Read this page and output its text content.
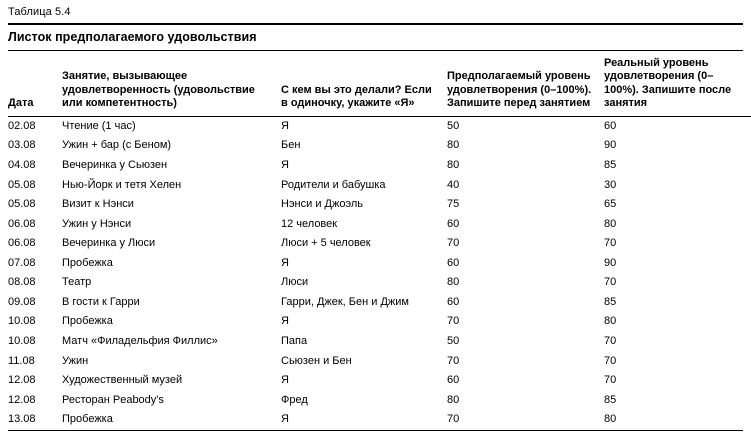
Таблица 5.4
Листок предполагаемого удовольствия
Дата	Занятие, вызывающее удовлетворенность (удовольствие или компетентность)	С кем вы это делали? Если в одиночку, укажите «Я»	Предполагаемый уровень удовлетворения (0–100%). Запишите перед занятием	Реальный уровень удовлетворения (0–100%). Запишите после занятия
02.08	Чтение (1 час)	Я	50	60
03.08	Ужин + бар (с Беном)	Бен	80	90
04.08	Вечеринка у Сьюзен	Я	80	85
05.08	Нью-Йорк и тетя Хелен	Родители и бабушка	40	30
05.08	Визит к Нэнси	Нэнси и Джоэль	75	65
06.08	Ужин у Нэнси	12 человек	60	80
06.08	Вечеринка у Люси	Люси + 5 человек	70	70
07.08	Пробежка	Я	60	90
08.08	Театр	Люси	80	70
09.08	В гости к Гарри	Гарри, Джек, Бен и Джим	60	85
10.08	Пробежка	Я	70	80
10.08	Матч «Филадельфия Филлис»	Папа	50	70
11.08	Ужин	Сьюзен и Бен	70	70
12.08	Художественный музей	Я	60	70
12.08	Ресторан Peabody's	Фред	80	85
13.08	Пробежка	Я	70	80
